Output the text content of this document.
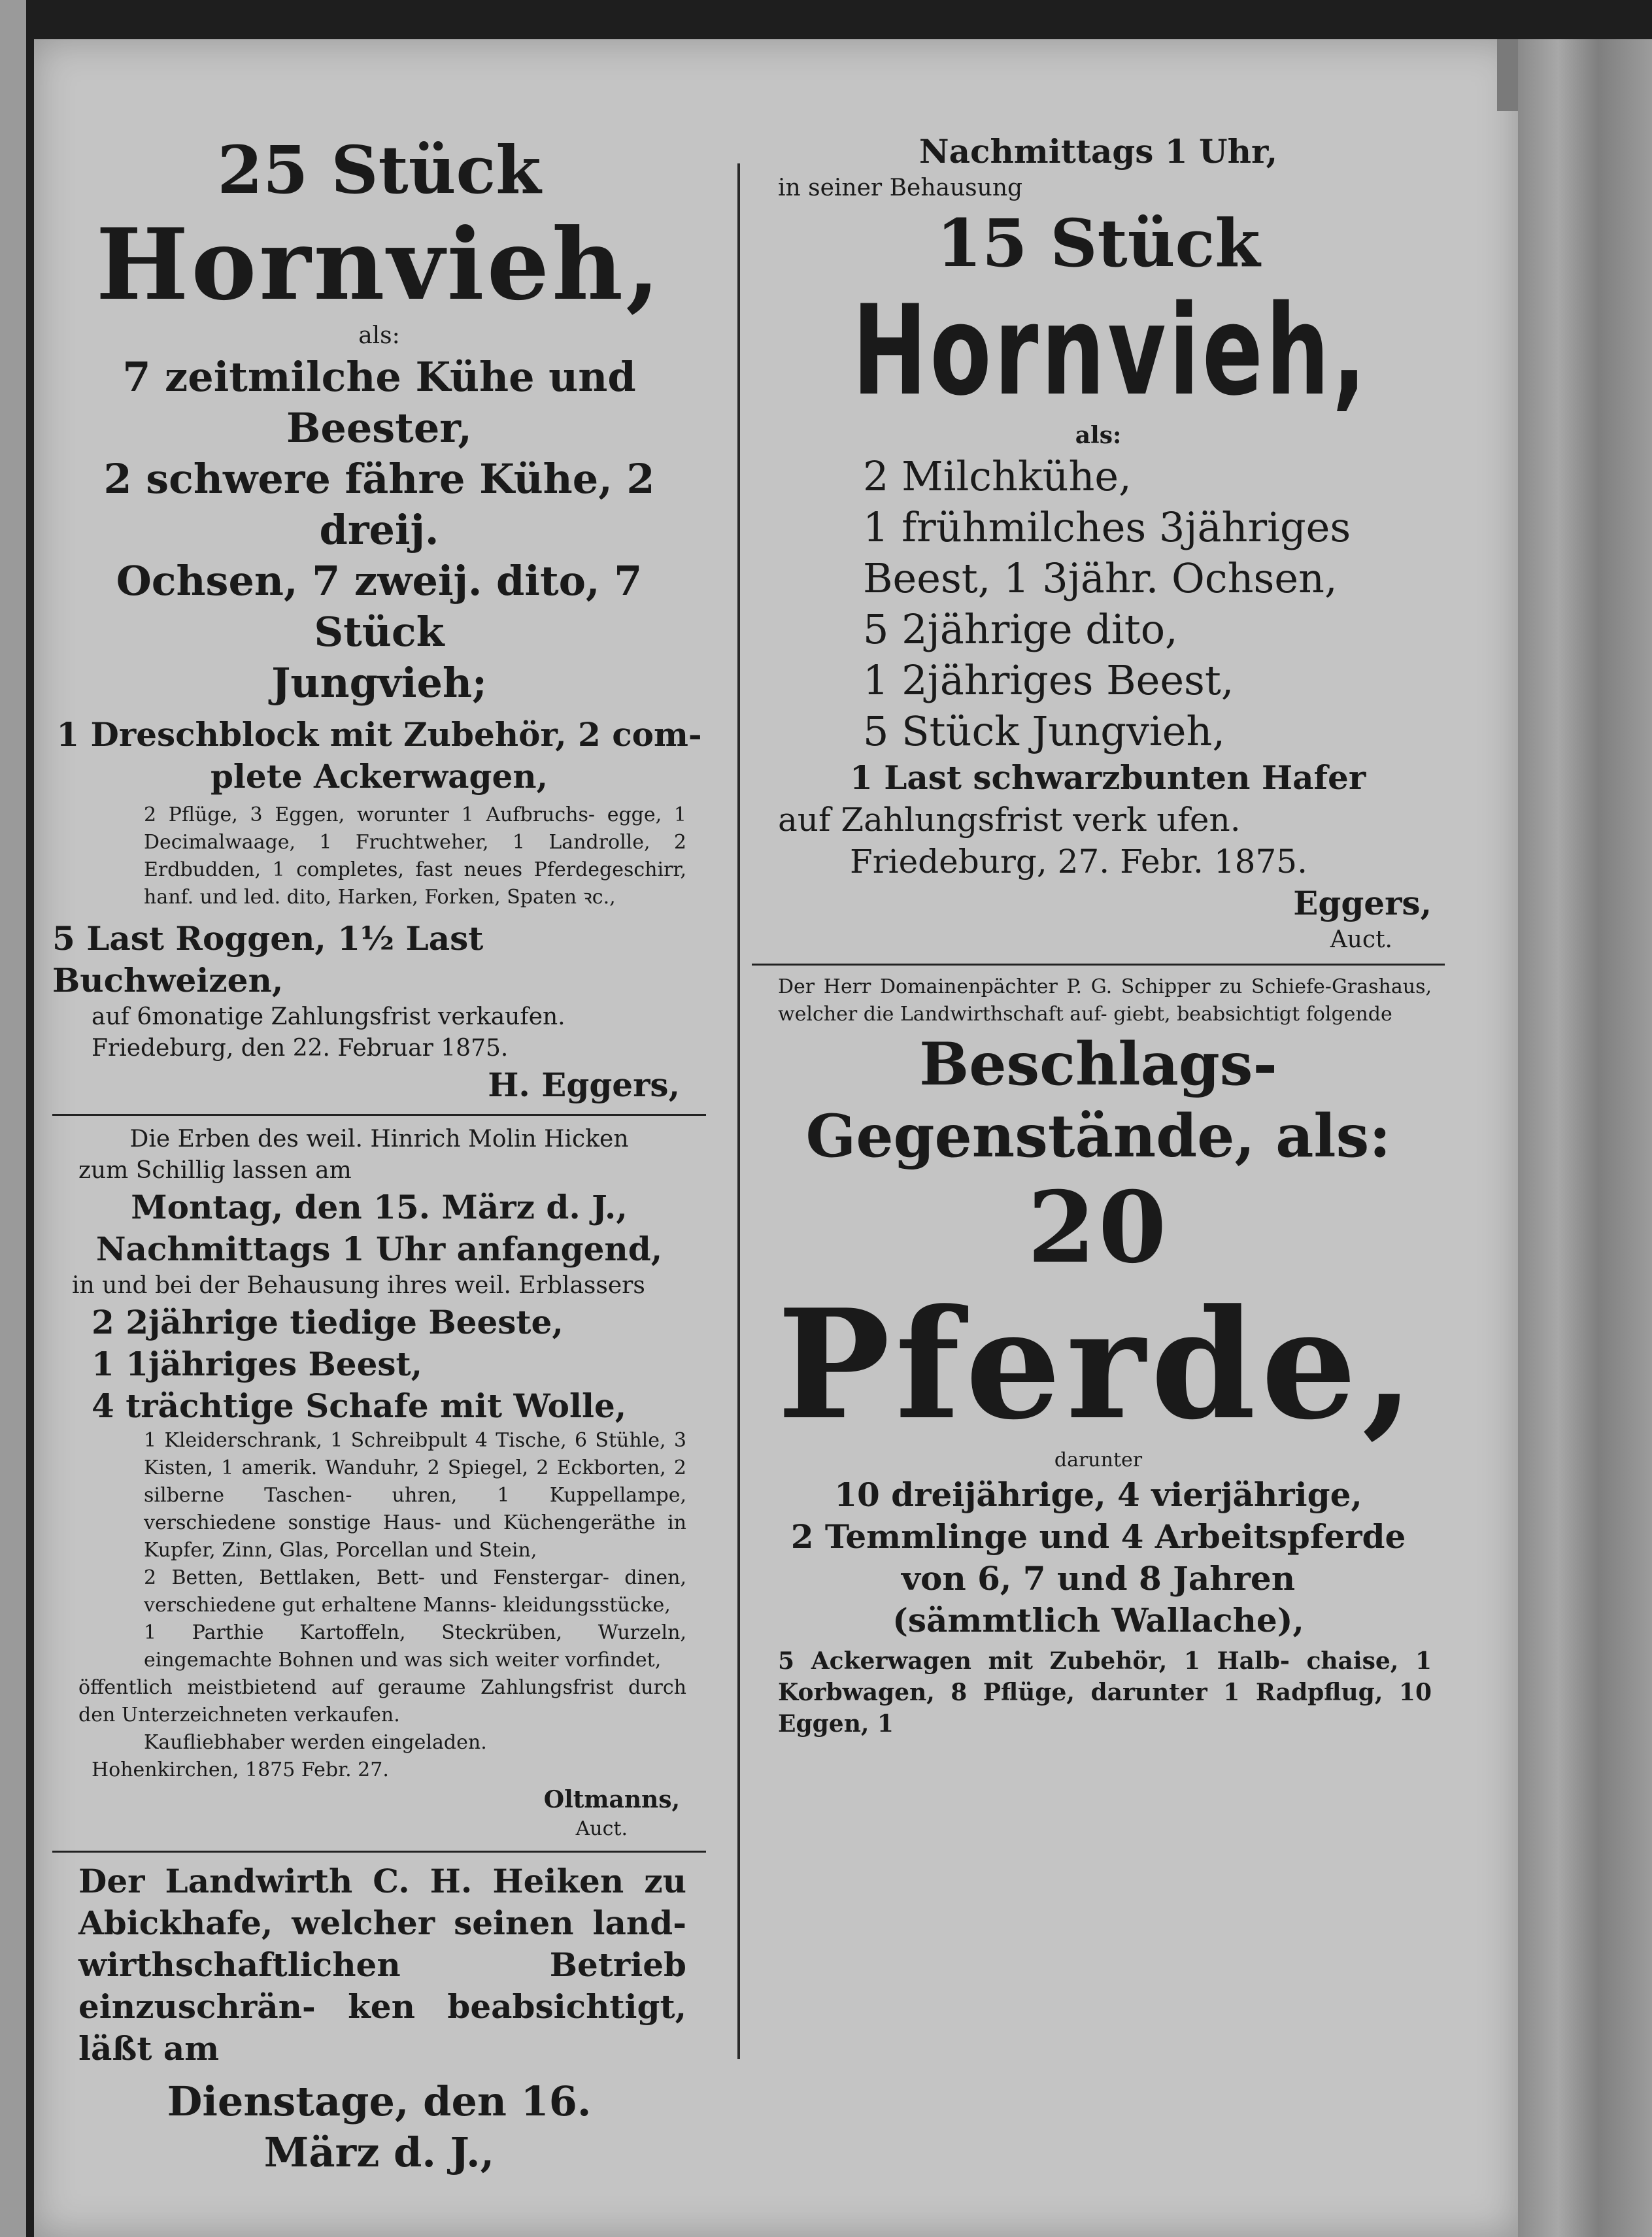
25 Stück

Hornvieh,

als:

7 zeitmilche Kühe und Beester,

2 schwere fähre Kühe, 2 dreij.

Ochsen, 7 zweij. dito, 7 Stück

Jungvieh;

1 Dreschblock mit Zubehör, 2 com-

plete Ackerwagen,

2 Pflüge, 3 Eggen, worunter 1 Aufbruchs- egge, 1 Decimalwaage, 1 Fruchtweher, 1 Landrolle, 2 Erdbudden, 1 completes, fast neues Pferdegeschirr, hanf. und led. dito, Harken, Forken, Spaten ꝛc.,

5 Last Roggen, 1½ Last Buchweizen,

auf 6monatige Zahlungsfrist verkaufen.

Friedeburg, den 22. Februar 1875.

H. Eggers,

Die Erben des weil. Hinrich Molin Hicken

zum Schillig lassen am

Montag, den 15. März d. J.,

Nachmittags 1 Uhr anfangend,

in und bei der Behausung ihres weil. Erblassers

2 2jährige tiedige Beeste,

1 1jähriges Beest,

4 trächtige Schafe mit Wolle,

1 Kleiderschrank, 1 Schreibpult 4 Tische, 6 Stühle, 3 Kisten, 1 amerik. Wanduhr, 2 Spiegel, 2 Eckborten, 2 silberne Taschen- uhren, 1 Kuppellampe, verschiedene sonstige Haus- und Küchengeräthe in Kupfer, Zinn, Glas, Porcellan und Stein,

2 Betten, Bettlaken, Bett- und Fenstergar- dinen, verschiedene gut erhaltene Manns- kleidungsstücke,

1 Parthie Kartoffeln, Steckrüben, Wurzeln, eingemachte Bohnen und was sich weiter vorfindet,

öffentlich meistbietend auf geraume Zahlungsfrist durch den Unterzeichneten verkaufen.

Kaufliebhaber werden eingeladen.

Hohenkirchen, 1875 Febr. 27.

Oltmanns,

Auct.

Der Landwirth C. H. Heiken zu Abickhafe, welcher seinen land- wirthschaftlichen Betrieb einzuschrän- ken beabsichtigt, läßt am

Dienstage, den 16.

März d. J.,

Nachmittags 1 Uhr,

in seiner Behausung

15 Stück

Hornvieh,

als:

2 Milchkühe,

1 frühmilches 3jähriges

Beest, 1 3jähr. Ochsen,

5 2jährige dito,

1 2jähriges Beest,

5 Stück Jungvieh,

1 Last schwarzbunten Hafer

auf Zahlungsfrist verk ufen.

Friedeburg, 27. Febr. 1875.

Eggers,

Auct.

Der Herr Domainenpächter P. G. Schipper zu Schiefe-Grashaus, welcher die Landwirthschaft auf- giebt, beabsichtigt folgende

Beschlags-

Gegenstände, als:

20

Pferde,

darunter

10 dreijährige, 4 vierjährige,

2 Temmlinge und 4 Arbeitspferde

von 6, 7 und 8 Jahren

(sämmtlich Wallache),

5 Ackerwagen mit Zubehör, 1 Halb- chaise, 1 Korbwagen, 8 Pflüge, darunter 1 Radpflug, 10 Eggen, 1
